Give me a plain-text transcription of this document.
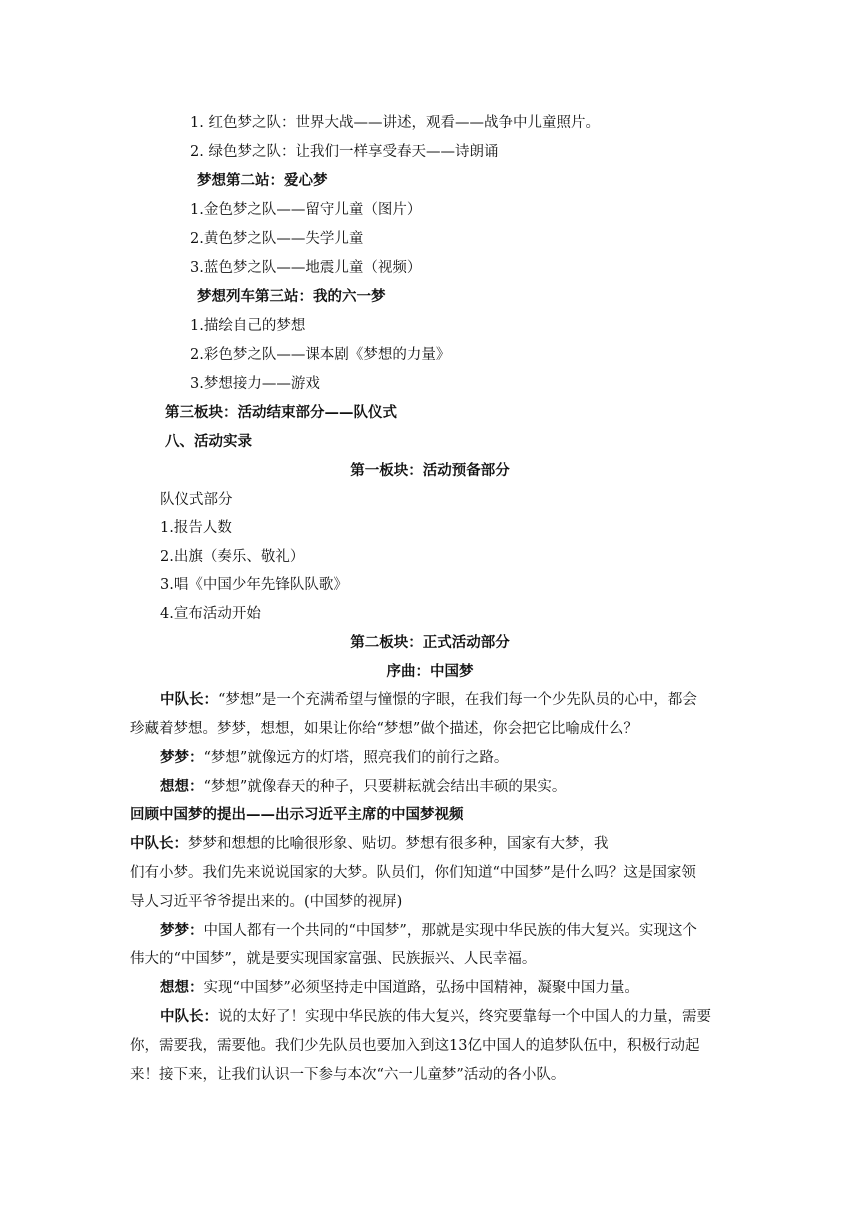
1. 红色梦之队：世界大战——讲述，观看——战争中儿童照片。
2. 绿色梦之队：让我们一样享受春天——诗朗诵
梦想第二站：爱心梦
1.金色梦之队——留守儿童（图片）
2.黄色梦之队——失学儿童
3.蓝色梦之队——地震儿童（视频）
梦想列车第三站：我的六一梦
1.描绘自己的梦想
2.彩色梦之队——课本剧《梦想的力量》
3.梦想接力——游戏
第三板块：活动结束部分——队仪式
八、活动实录
第一板块：活动预备部分
队仪式部分
1.报告人数
2.出旗（奏乐、敬礼）
3.唱《中国少年先锋队队歌》
4.宣布活动开始
第二板块：正式活动部分
序曲：中国梦
中队长：“梦想”是一个充满希望与憧憬的字眼，在我们每一个少先队员的心中，都会
珍藏着梦想。梦梦，想想，如果让你给“梦想”做个描述，你会把它比喻成什么？
梦梦：“梦想”就像远方的灯塔，照亮我们的前行之路。
想想：“梦想”就像春天的种子，只要耕耘就会结出丰硕的果实。
回顾中国梦的提出——出示习近平主席的中国梦视频
中队长：梦梦和想想的比喻很形象、贴切。梦想有很多种，国家有大梦，我
们有小梦。我们先来说说国家的大梦。队员们，你们知道“中国梦”是什么吗？这是国家领
导人习近平爷爷提出来的。(中国梦的视屏)
梦梦：中国人都有一个共同的“中国梦”，那就是实现中华民族的伟大复兴。实现这个
伟大的“中国梦”，就是要实现国家富强、民族振兴、人民幸福。
想想：实现“中国梦”必须坚持走中国道路，弘扬中国精神，凝聚中国力量。
中队长：说的太好了！实现中华民族的伟大复兴，终究要靠每一个中国人的力量，需要
你，需要我，需要他。我们少先队员也要加入到这13亿中国人的追梦队伍中，积极行动起
来！接下来，让我们认识一下参与本次“六一儿童梦”活动的各小队。
